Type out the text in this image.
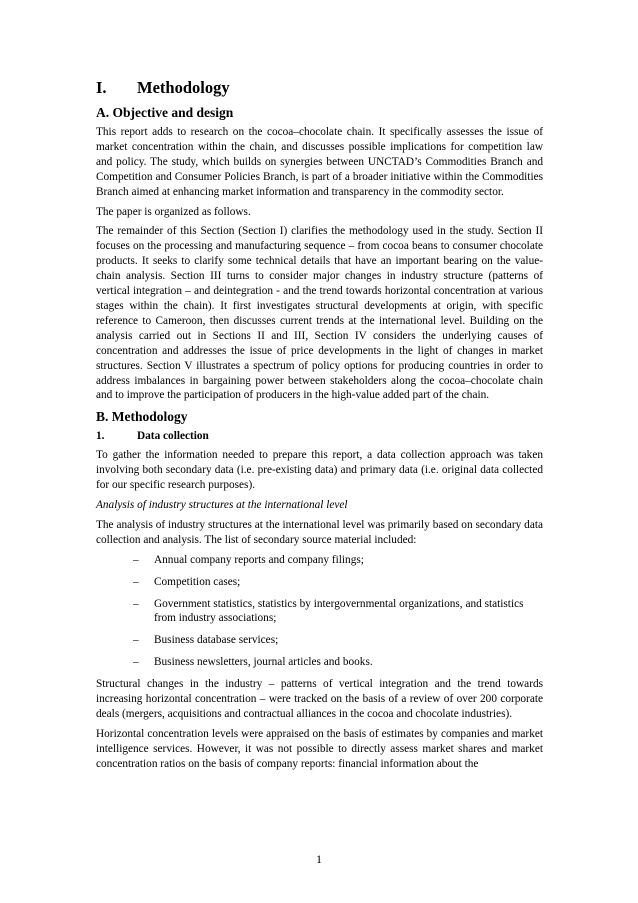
I.	Methodology
A. Objective and design

This report adds to research on the cocoa–chocolate chain. It specifically assesses the issue of market concentration within the chain, and discusses possible implications for competition law and policy. The study, which builds on synergies between UNCTAD’s Commodities Branch and Competition and Consumer Policies Branch, is part of a broader initiative within the Commodities Branch aimed at enhancing market information and transparency in the commodity sector.

The paper is organized as follows.

The remainder of this Section (Section I) clarifies the methodology used in the study. Section II focuses on the processing and manufacturing sequence – from cocoa beans to consumer chocolate products. It seeks to clarify some technical details that have an important bearing on the value-chain analysis. Section III turns to consider major changes in industry structure (patterns of vertical integration – and deintegration - and the trend towards horizontal concentration at various stages within the chain). It first investigates structural developments at origin, with specific reference to Cameroon, then discusses current trends at the international level. Building on the analysis carried out in Sections II and III, Section IV considers the underlying causes of concentration and addresses the issue of price developments in the light of changes in market structures. Section V illustrates a spectrum of policy options for producing countries in order to address imbalances in bargaining power between stakeholders along the cocoa–chocolate chain and to improve the participation of producers in the high-value added part of the chain.

B. Methodology
1.	Data collection

To gather the information needed to prepare this report, a data collection approach was taken involving both secondary data (i.e. pre-existing data) and primary data (i.e. original data collected for our specific research purposes).

Analysis of industry structures at the international level

The analysis of industry structures at the international level was primarily based on secondary data collection and analysis. The list of secondary source material included:

–	Annual company reports and company filings;
–	Competition cases;
–	Government statistics, statistics by intergovernmental organizations, and statistics from industry associations;
–	Business database services;
–	Business newsletters, journal articles and books.

Structural changes in the industry – patterns of vertical integration and the trend towards increasing horizontal concentration – were tracked on the basis of a review of over 200 corporate deals (mergers, acquisitions and contractual alliances in the cocoa and chocolate industries).

Horizontal concentration levels were appraised on the basis of estimates by companies and market intelligence services. However, it was not possible to directly assess market shares and market concentration ratios on the basis of company reports: financial information about the

1
